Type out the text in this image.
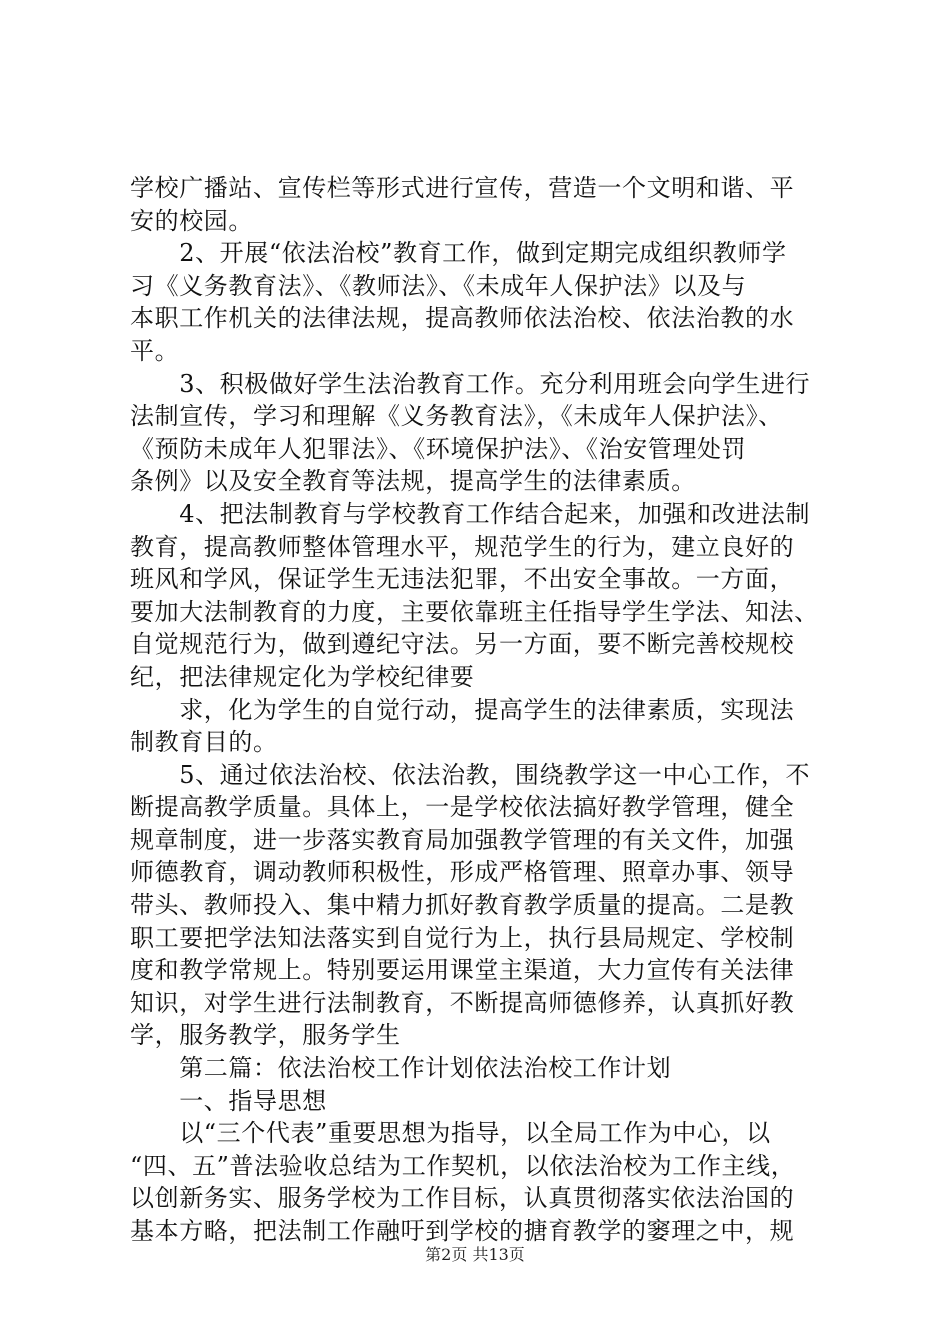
学校广播站、宣传栏等形式进行宣传，营造一个文明和谐、平
安的校园。
　　2、开展“依法治校”教育工作，做到定期完成组织教师学
习《义务教育法》、《教师法》、《未成年人保护法》以及与
本职工作机关的法律法规，提高教师依法治校、依法治教的水
平。
　　3、积极做好学生法治教育工作。充分利用班会向学生进行
法制宣传，学习和理解《义务教育法》，《未成年人保护法》、
《预防未成年人犯罪法》、《环境保护法》、《治安管理处罚
条例》以及安全教育等法规，提高学生的法律素质。
　　4、把法制教育与学校教育工作结合起来，加强和改进法制
教育，提高教师整体管理水平，规范学生的行为，建立良好的
班风和学风，保证学生无违法犯罪，不出安全事故。一方面，
要加大法制教育的力度，主要依靠班主任指导学生学法、知法、
自觉规范行为，做到遵纪守法。另一方面，要不断完善校规校
纪，把法律规定化为学校纪律要
　　求，化为学生的自觉行动，提高学生的法律素质，实现法
制教育目的。
　　5、通过依法治校、依法治教，围绕教学这一中心工作，不
断提高教学质量。具体上，一是学校依法搞好教学管理，健全
规章制度，进一步落实教育局加强教学管理的有关文件，加强
师德教育，调动教师积极性，形成严格管理、照章办事、领导
带头、教师投入、集中精力抓好教育教学质量的提高。二是教
职工要把学法知法落实到自觉行为上，执行县局规定、学校制
度和教学常规上。特别要运用课堂主渠道，大力宣传有关法律
知识，对学生进行法制教育，不断提高师德修养，认真抓好教
学，服务教学，服务学生
　　第二篇：依法治校工作计划依法治校工作计划
　　一、指导思想
　　以“三个代表”重要思想为指导，以全局工作为中心，以
“四、五”普法验收总结为工作契机，以依法治校为工作主线，
以创新务实、服务学校为工作目标，认真贯彻落实依法治国的
基本方略，把法制工作融吁到学校的搪育教学的窭理之中，规
第2页 共13页
